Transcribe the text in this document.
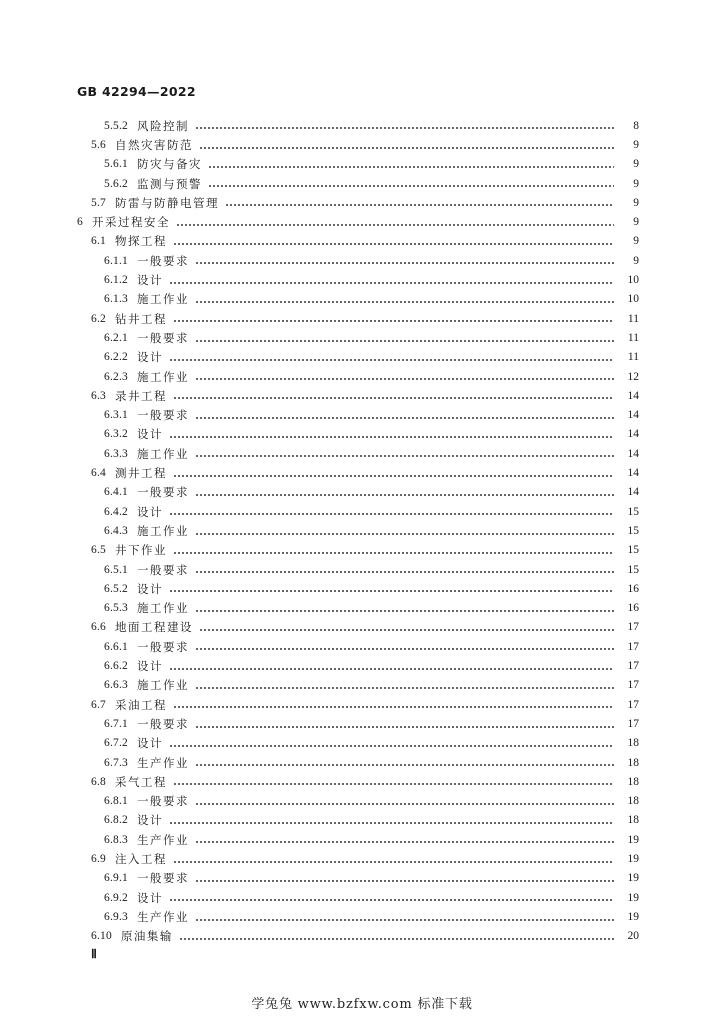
GB 42294—2022
5.5.2 风险控制	8
5.6 自然灾害防范	9
5.6.1 防灾与备灾	9
5.6.2 监测与预警	9
5.7 防雷与防静电管理	9
6 开采过程安全	9
6.1 物探工程	9
6.1.1 一般要求	9
6.1.2 设计	10
6.1.3 施工作业	10
6.2 钻井工程	11
6.2.1 一般要求	11
6.2.2 设计	11
6.2.3 施工作业	12
6.3 录井工程	14
6.3.1 一般要求	14
6.3.2 设计	14
6.3.3 施工作业	14
6.4 测井工程	14
6.4.1 一般要求	14
6.4.2 设计	15
6.4.3 施工作业	15
6.5 井下作业	15
6.5.1 一般要求	15
6.5.2 设计	16
6.5.3 施工作业	16
6.6 地面工程建设	17
6.6.1 一般要求	17
6.6.2 设计	17
6.6.3 施工作业	17
6.7 采油工程	17
6.7.1 一般要求	17
6.7.2 设计	18
6.7.3 生产作业	18
6.8 采气工程	18
6.8.1 一般要求	18
6.8.2 设计	18
6.8.3 生产作业	19
6.9 注入工程	19
6.9.1 一般要求	19
6.9.2 设计	19
6.9.3 生产作业	19
6.10 原油集输	20
Ⅱ
学兔兔 www.bzfxw.com 标准下载
